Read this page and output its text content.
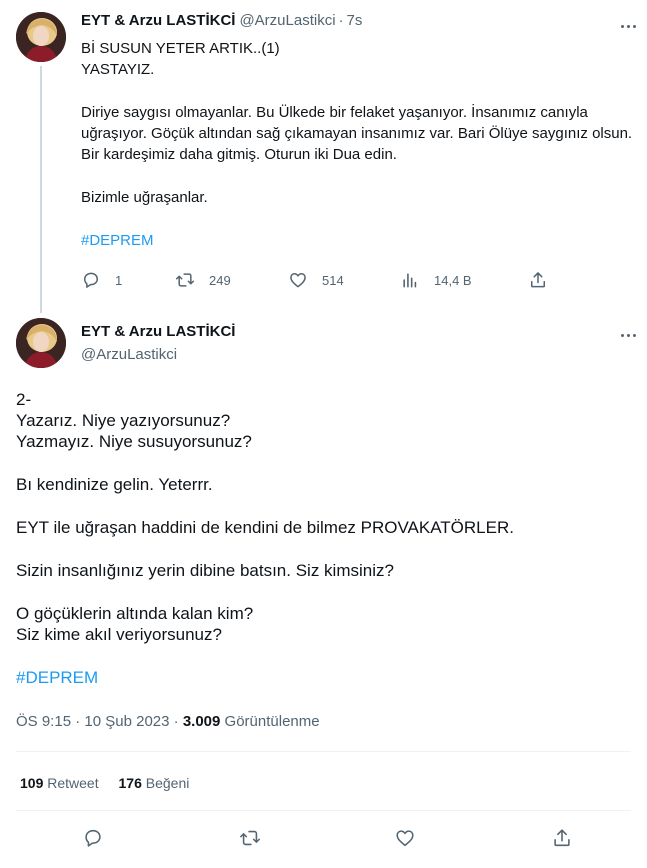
EYT & Arzu LASTİKCİ @ArzuLastikci · 7s

Bİ SUSUN YETER ARTIK..(1)

YASTAYIZ.

Diriye saygısı olmayanlar. Bu Ülkede bir felaket yaşanıyor. İnsanımız canıyla uğraşıyor. Göçük altından sağ çıkamayan insanımız var. Bari Ölüye saygınız olsun. Bir kardeşimiz daha gitmiş. Oturun iki Dua edin.

Bizimle uğraşanlar.

#DEPREM

1	249	514	14,4 B
EYT & Arzu LASTİKCİ
@ArzuLastikci

2-

Yazarız. Niye yazıyorsunuz?

Yazmayız. Niye susuyorsunuz?

Bı kendinize gelin. Yeterrr.

EYT ile uğraşan haddini de kendini de bilmez PROVAKATÖRLER.

Sizin insanlığınız yerin dibine batsın. Siz kimsiniz?

O göçüklerin altında kalan kim?

Siz kime akıl veriyorsunuz?

#DEPREM

ÖS 9:15 · 10 Şub 2023 · 3.009 Görüntülenme
109 Retweet 176 Beğeni
